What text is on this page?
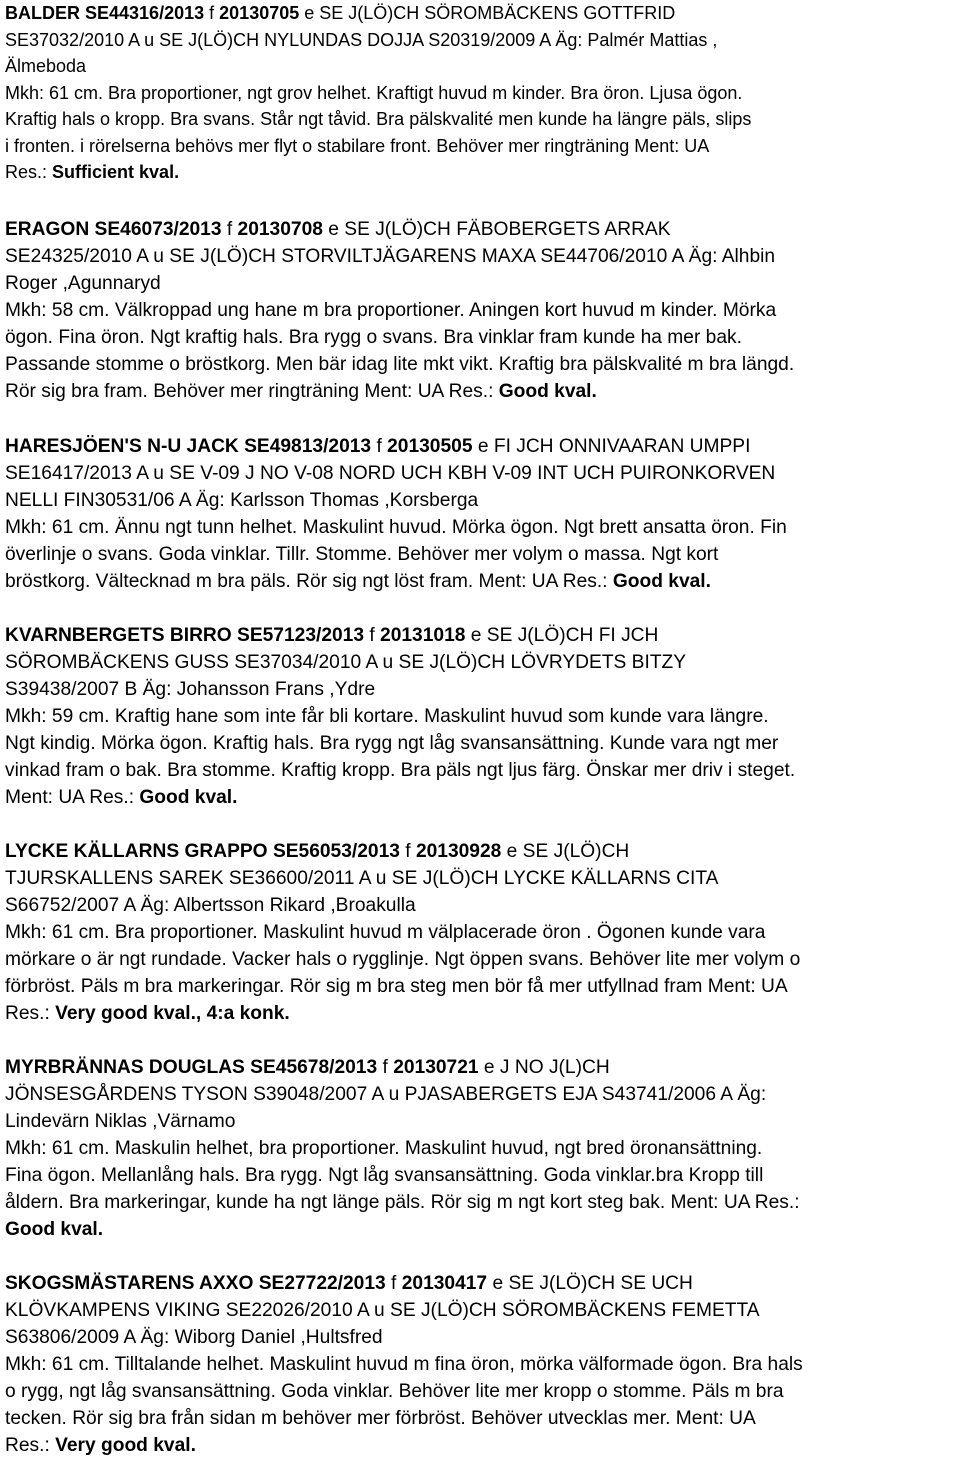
BALDER SE44316/2013 f 20130705 e SE J(LÖ)CH SÖROMBÄCKENS GOTTFRID
SE37032/2010 A u SE J(LÖ)CH NYLUNDAS DOJJA S20319/2009 A Äg: Palmér Mattias ,
Älmeboda
Mkh: 61 cm. Bra proportioner, ngt grov helhet. Kraftigt huvud m kinder. Bra öron. Ljusa ögon.
Kraftig hals o kropp. Bra svans. Står ngt tåvid. Bra pälskvalité men kunde ha längre päls, slips
i fronten. i rörelserna behövs mer flyt o stabilare front. Behöver mer ringträning Ment: UA
Res.: Sufficient kval.
ERAGON SE46073/2013 f 20130708 e SE J(LÖ)CH FÄBOBERGETS ARRAK
SE24325/2010 A u SE J(LÖ)CH STORVILTJÄGARENS MAXA SE44706/2010 A Äg: Alhbin
Roger ,Agunnaryd
Mkh: 58 cm. Välkroppad ung hane m bra proportioner. Aningen kort huvud m kinder. Mörka
ögon. Fina öron. Ngt kraftig hals. Bra rygg o svans. Bra vinklar fram kunde ha mer bak.
Passande stomme o bröstkorg. Men bär idag lite mkt vikt. Kraftig bra pälskvalité m bra längd.
Rör sig bra fram. Behöver mer ringträning Ment: UA Res.: Good kval.
HARESJÖEN'S N-U JACK SE49813/2013 f 20130505 e FI JCH ONNIVAARAN UMPPI
SE16417/2013 A u SE V-09 J NO V-08 NORD UCH KBH V-09 INT UCH PUIRONKORVEN
NELLI FIN30531/06 A Äg: Karlsson Thomas ,Korsberga
Mkh: 61 cm. Ännu ngt tunn helhet. Maskulint huvud. Mörka ögon. Ngt brett ansatta öron. Fin
överlinje o svans. Goda vinklar. Tillr. Stomme. Behöver mer volym o massa. Ngt kort
bröstkorg. Vältecknad m bra päls. Rör sig ngt löst fram. Ment: UA Res.: Good kval.
KVARNBERGETS BIRRO SE57123/2013 f 20131018 e SE J(LÖ)CH FI JCH
SÖROMBÄCKENS GUSS SE37034/2010 A u SE J(LÖ)CH LÖVRYDETS BITZY
S39438/2007 B Äg: Johansson Frans ,Ydre
Mkh: 59 cm. Kraftig hane som inte får bli kortare. Maskulint huvud som kunde vara längre.
Ngt kindig. Mörka ögon. Kraftig hals. Bra rygg ngt låg svansansättning. Kunde vara ngt mer
vinkad fram o bak. Bra stomme. Kraftig kropp. Bra päls ngt ljus färg. Önskar mer driv i steget.
Ment: UA Res.: Good kval.
LYCKE KÄLLARNS GRAPPO SE56053/2013 f 20130928 e SE J(LÖ)CH
TJURSKALLENS SAREK SE36600/2011 A u SE J(LÖ)CH LYCKE KÄLLARNS CITA
S66752/2007 A Äg: Albertsson Rikard ,Broakulla
Mkh: 61 cm. Bra proportioner. Maskulint huvud m välplacerade öron . Ögonen kunde vara
mörkare o är ngt rundade. Vacker hals o rygglinje. Ngt öppen svans. Behöver lite mer volym o
förbröst. Päls m bra markeringar. Rör sig m bra steg men bör få mer utfyllnad fram Ment: UA
Res.: Very good kval., 4:a konk.
MYRBRÄNNAS DOUGLAS SE45678/2013 f 20130721 e J NO J(L)CH
JÖNSESGÅRDENS TYSON S39048/2007 A u PJASABERGETS EJA S43741/2006 A Äg:
Lindevärn Niklas ,Värnamo
Mkh: 61 cm. Maskulin helhet, bra proportioner. Maskulint huvud, ngt bred öronansättning.
Fina ögon. Mellanlång hals. Bra rygg. Ngt låg svansansättning. Goda vinklar.bra Kropp till
åldern. Bra markeringar, kunde ha ngt länge päls. Rör sig m ngt kort steg bak. Ment: UA Res.:
Good kval.
SKOGSMÄSTARENS AXXO SE27722/2013 f 20130417 e SE J(LÖ)CH SE UCH
KLÖVKAMPENS VIKING SE22026/2010 A u SE J(LÖ)CH SÖROMBÄCKENS FEMETTA
S63806/2009 A Äg: Wiborg Daniel ,Hultsfred
Mkh: 61 cm. Tilltalande helhet. Maskulint huvud m fina öron, mörka välformade ögon. Bra hals
o rygg, ngt låg svansansättning. Goda vinklar. Behöver lite mer kropp o stomme. Päls m bra
tecken. Rör sig bra från sidan m behöver mer förbröst. Behöver utvecklas mer. Ment: UA
Res.: Very good kval.
